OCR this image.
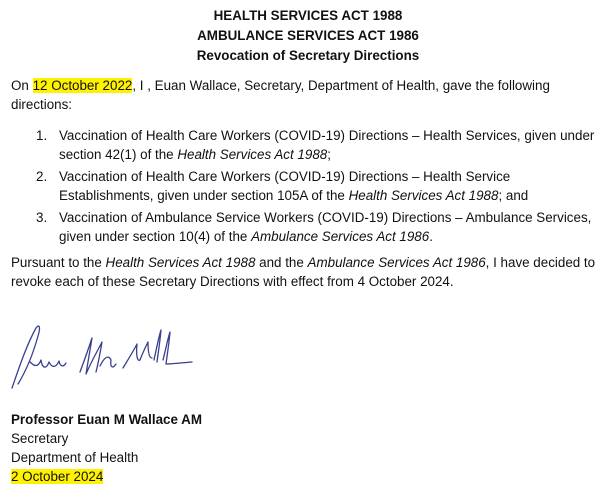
HEALTH SERVICES ACT 1988
AMBULANCE SERVICES ACT 1986
Revocation of Secretary Directions
On 12 October 2022, I , Euan Wallace, Secretary, Department of Health, gave the following directions:
1. Vaccination of Health Care Workers (COVID-19) Directions – Health Services, given under section 42(1) of the Health Services Act 1988;
2. Vaccination of Health Care Workers (COVID-19) Directions – Health Service Establishments, given under section 105A of the Health Services Act 1988; and
3. Vaccination of Ambulance Service Workers (COVID-19) Directions – Ambulance Services, given under section 10(4) of the Ambulance Services Act 1986.
Pursuant to the Health Services Act 1988 and the Ambulance Services Act 1986, I have decided to revoke each of these Secretary Directions with effect from 4 October 2024.
Professor Euan M Wallace AM
Secretary
Department of Health
2 October 2024
